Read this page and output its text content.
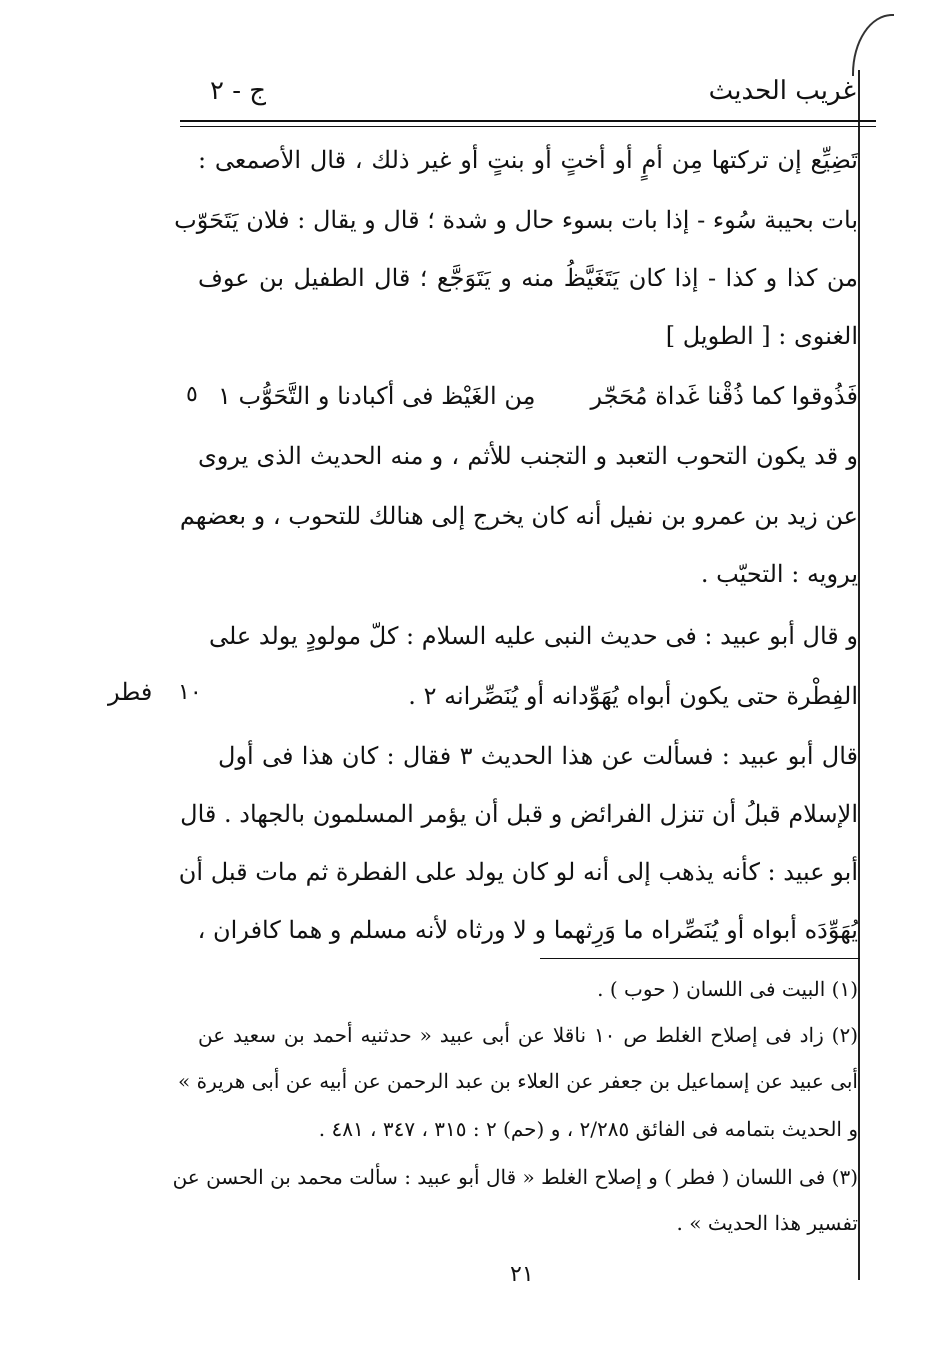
غريب الحديث
ج - ٢
تَضِيِّع إن تركتها مِن أمٍ أو أختٍ أو بنتٍ أو غير ذلك ، قال الأصمعى :
بات بحيبة سُوء - إذا بات بسوء حال و شدة ؛ قال و يقال : فلان يَتَحَوّب
من كذا و كذا - إذا كان يَتَغَيَّظُ منه و يَتَوَجَّع ؛ قال الطفيل بن عوف
الغنوى : [ الطويل ]
فَذُوقوا كما ذُقْنا غَداة مُحَجّر
مِن الغَيْظ فى أكبادنا و التَّحَوُّب ١
٥
و قد يكون التحوب التعبد و التجنب للأثم ، و منه الحديث الذى يروى
عن زيد بن عمرو بن نفيل أنه كان يخرج إلى هنالك للتحوب ، و بعضهم
يرويه : التحيّب .
و قال أبو عبيد : فى حديث النبى عليه السلام : كلّ مولودٍ يولد على
الفِطْرة حتى يكون أبواه يُهَوِّدانه أو يُنَصِّرانه ٢ .
١٠
فطر
قال أبو عبيد : فسألت عن هذا الحديث ٣ فقال : كان هذا فى أول
الإسلام قبلُ أن تنزل الفرائض و قبل أن يؤمر المسلمون بالجهاد . قال
أبو عبيد : كأنه يذهب إلى أنه لو كان يولد على الفطرة ثم مات قبل أن
يُهَوِّدَه أبواه أو يُنَصِّراه ما وَرِثهما و لا ورثاه لأنه مسلم و هما كافران ،
(١) البيت فى اللسان ( حوب ) .
(٢) زاد فى إصلاح الغلط ص ١٠ ناقلا عن أبى عبيد « حدثنيه أحمد بن سعيد عن
أبى عبيد عن إسماعيل بن جعفر عن العلاء بن عبد الرحمن عن أبيه عن أبى هريرة »
و الحديث بتمامه فى الفائق ٢/٢٨٥ ، و (حم) ٢ : ٣١٥ ، ٣٤٧ ، ٤٨١ .
(٣) فى اللسان ( فطر ) و إصلاح الغلط « قال أبو عبيد : سألت محمد بن الحسن عن
تفسير هذا الحديث » .
٢١
